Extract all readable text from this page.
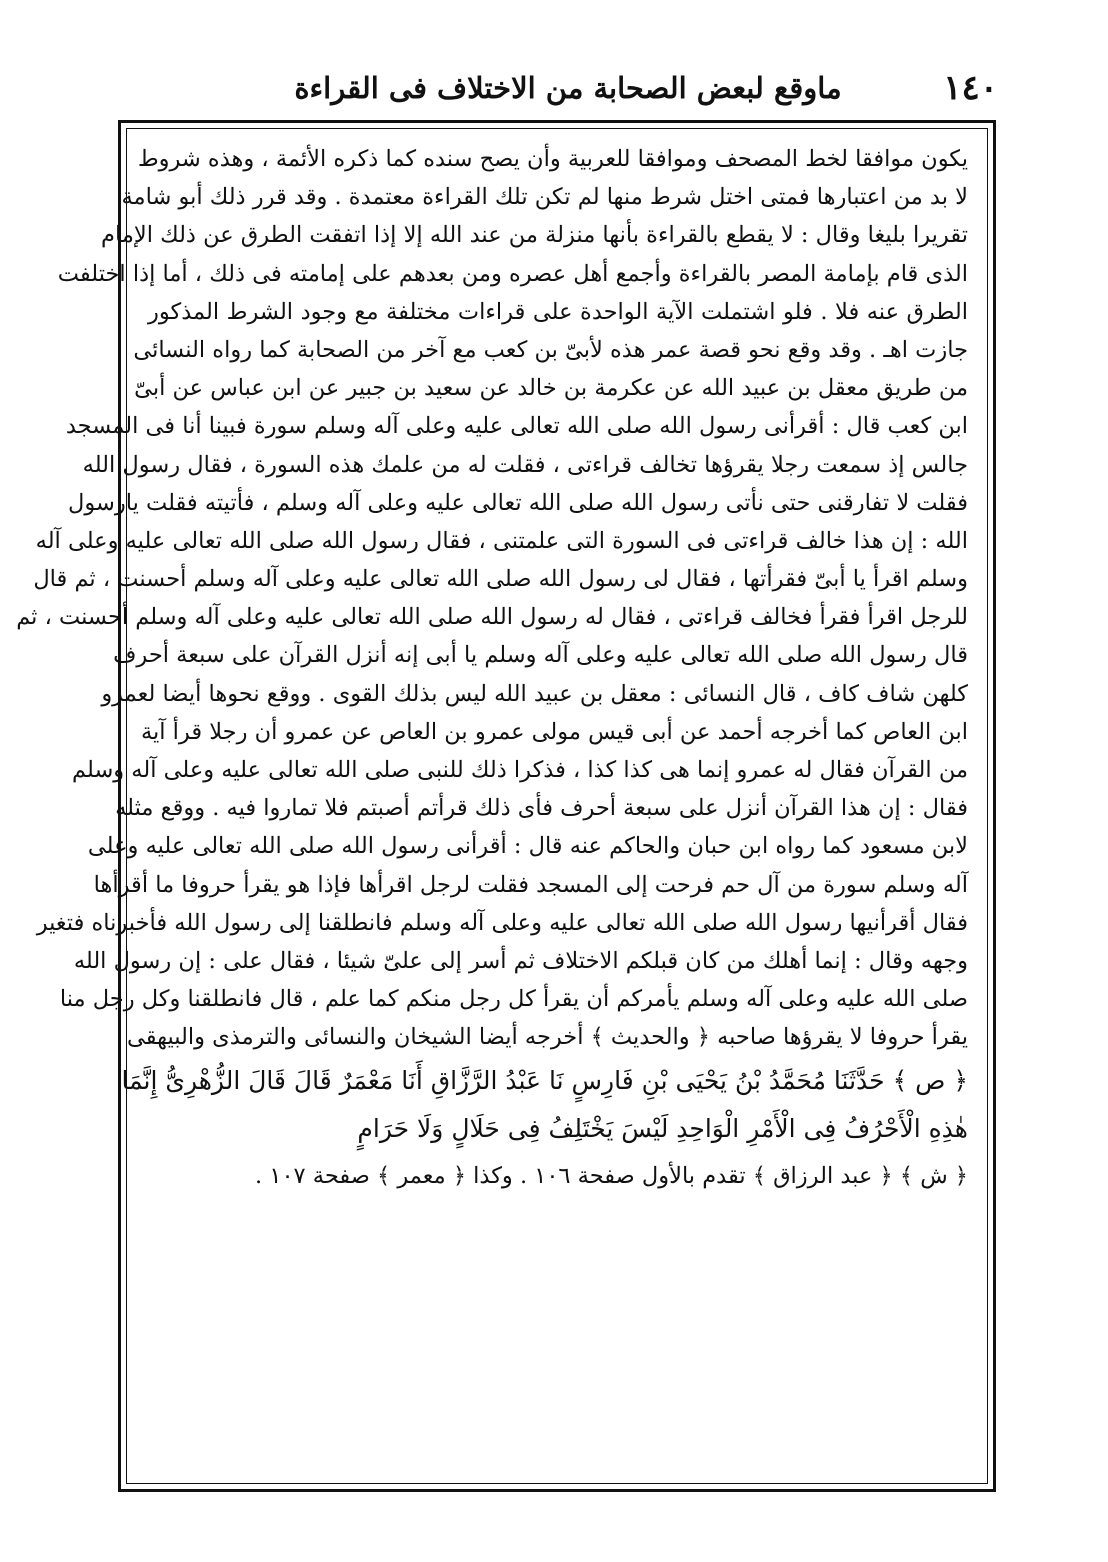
١٤٠
ماوقع لبعض الصحابة من الاختلاف فى القراءة
يكون موافقا لخط المصحف وموافقا للعربية وأن يصح سنده كما ذكره الأئمة ، وهذه شروط
لا بد من اعتبارها فمتى اختل شرط منها لم تكن تلك القراءة معتمدة . وقد قرر ذلك أبو شامة
تقريرا بليغا وقال : لا يقطع بالقراءة بأنها منزلة من عند الله إلا إذا اتفقت الطرق عن ذلك الإمام
الذى قام بإمامة المصر بالقراءة وأجمع أهل عصره ومن بعدهم على إمامته فى ذلك ، أما إذا اختلفت
الطرق عنه فلا . فلو اشتملت الآية الواحدة على قراءات مختلفة مع وجود الشرط المذكور
جازت اهـ . وقد وقع نحو قصة عمر هذه لأبىّ بن كعب مع آخر من الصحابة كما رواه النسائى
من طريق معقل بن عبيد الله عن عكرمة بن خالد عن سعيد بن جبير عن ابن عباس عن أبىّ
ابن كعب قال : أقرأنى رسول الله صلى الله تعالى عليه وعلى آله وسلم سورة فبينا أنا فى المسجد
جالس إذ سمعت رجلا يقرؤها تخالف قراءتى ، فقلت له من علمك هذه السورة ، فقال رسول الله
فقلت لا تفارقنى حتى نأتى رسول الله صلى الله تعالى عليه وعلى آله وسلم ، فأتيته فقلت يارسول
الله : إن هذا خالف قراءتى فى السورة التى علمتنى ، فقال رسول الله صلى الله تعالى عليه وعلى آله
وسلم اقرأ يا أبىّ فقرأتها ، فقال لى رسول الله صلى الله تعالى عليه وعلى آله وسلم أحسنت ، ثم قال
للرجل اقرأ فقرأ فخالف قراءتى ، فقال له رسول الله صلى الله تعالى عليه وعلى آله وسلم أحسنت ، ثم
قال رسول الله صلى الله تعالى عليه وعلى آله وسلم يا أبى إنه أنزل القرآن على سبعة أحرف
كلهن شاف كاف ، قال النسائى : معقل بن عبيد الله ليس بذلك القوى . ووقع نحوها أيضا لعمرو
ابن العاص كما أخرجه أحمد عن أبى قيس مولى عمرو بن العاص عن عمرو أن رجلا قرأ آية
من القرآن فقال له عمرو إنما هى كذا كذا ، فذكرا ذلك للنبى صلى الله تعالى عليه وعلى آله وسلم
فقال : إن هذا القرآن أنزل على سبعة أحرف فأى ذلك قرأتم أصبتم فلا تماروا فيه . ووقع مثله
لابن مسعود كما رواه ابن حبان والحاكم عنه قال : أقرأنى رسول الله صلى الله تعالى عليه وعلى
آله وسلم سورة من آل حم فرحت إلى المسجد فقلت لرجل اقرأها فإذا هو يقرأ حروفا ما أقرأها
فقال أقرأنيها رسول الله صلى الله تعالى عليه وعلى آله وسلم فانطلقنا إلى رسول الله فأخبرناه فتغير
وجهه وقال : إنما أهلك من كان قبلكم الاختلاف ثم أسر إلى علىّ شيئا ، فقال على : إن رسول الله
صلى الله عليه وعلى آله وسلم يأمركم أن يقرأ كل رجل منكم كما علم ، قال فانطلقنا وكل رجل منا
يقرأ حروفا لا يقرؤها صاحبه ﴿ والحديث ﴾ أخرجه أيضا الشيخان والنسائى والترمذى والبيهقى
﴿ ص ﴾ حَدَّثَنَا مُحَمَّدُ بْنُ يَحْيَى بْنِ فَارِسٍ نَا عَبْدُ الرَّزَّاقِ أَنَا مَعْمَرٌ قَالَ قَالَ الزُّهْرِىُّ إِنَّمَا
هٰذِهِ الْأَحْرُفُ فِى الْأَمْرِ الْوَاحِدِ لَيْسَ يَخْتَلِفُ فِى حَلَالٍ وَلَا حَرَامٍ
﴿ ش ﴾ ﴿ عبد الرزاق ﴾ تقدم بالأول صفحة ١٠٦ . وكذا ﴿ معمر ﴾ صفحة ١٠٧ .
